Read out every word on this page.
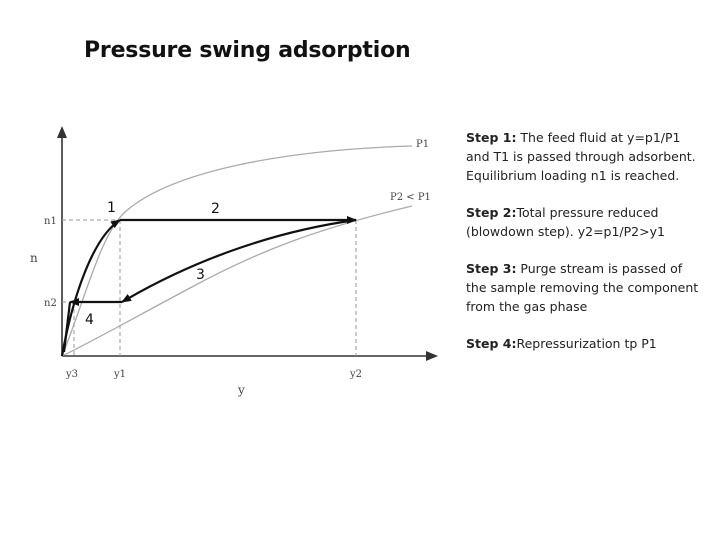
Pressure swing adsorption
n
y
n1
n2
y3	y1	y2
P1
P2 < P1
1	2
3
4
Step 1: The feed fluid at y=p1/P1 and T1 is passed through adsorbent. Equilibrium loading n1 is reached.
Step 2:Total pressure reduced (blowdown step). y2=p1/P2>y1
Step 3: Purge stream is passed of the sample removing the component from the gas phase
Step 4:Repressurization tp P1
